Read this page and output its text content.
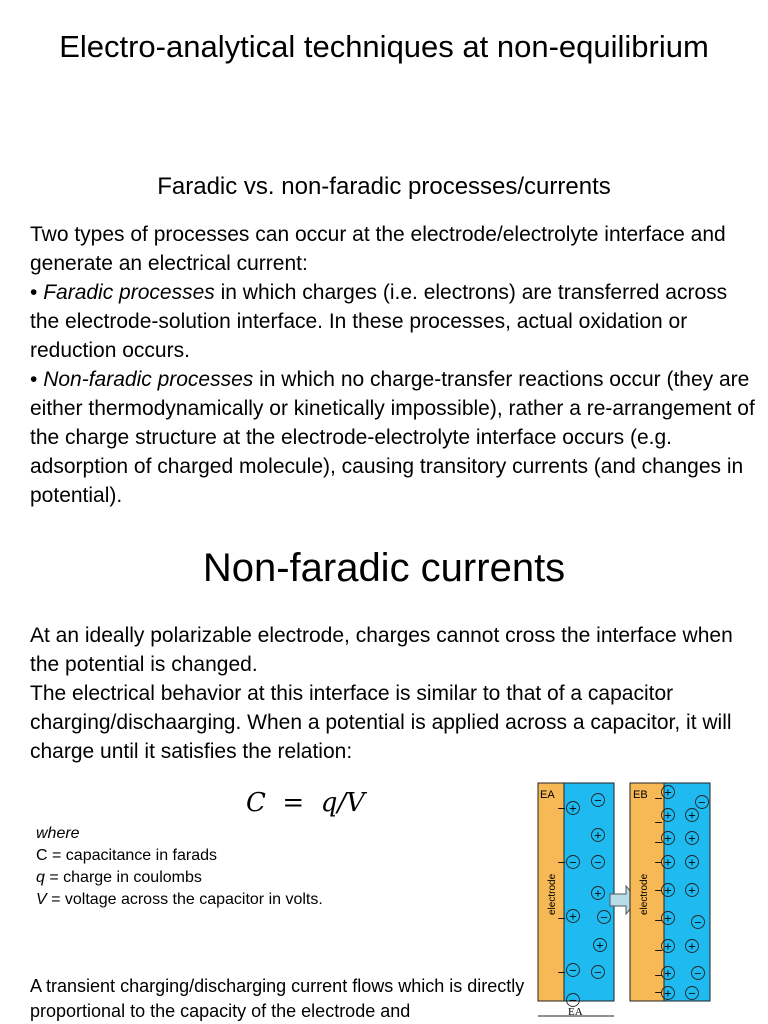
Electro-analytical techniques at non-equilibrium
Faradic vs. non-faradic processes/currents
Two types of processes can occur at the electrode/electrolyte interface and generate an electrical current:
• Faradic processes in which charges (i.e. electrons) are transferred across the electrode-solution interface. In these processes, actual oxidation or reduction occurs.
• Non-faradic processes in which no charge-transfer reactions occur (they are either thermodynamically or kinetically impossible), rather a re-arrangement of the charge structure at the electrode-electrolyte interface occurs (e.g. adsorption of charged molecule), causing transitory currents (and changes in potential).
Non-faradic currents
At an ideally polarizable electrode, charges cannot cross the interface when the potential is changed.
The electrical behavior at this interface is similar to that of a capacitor charging/dischaarging. When a potential is applied across a capacitor, it will charge until it satisfies the relation:
C  =  q/V
where
C = capacitance in farads
q = charge in coulombs
V = voltage across the capacitor in volts.
A transient charging/discharging current flows which is directly proportional to the capacity of the electrode and
EA
electrode
EB
electrode
EA
−
−
−
−
+
−
−
+
+
−
+
−
−
+
−
−
−
−
−
−
−
−
−
−
−
+
+ +
+ +
+ +
+ +
+ −
+ +
+ −
+ −
−
